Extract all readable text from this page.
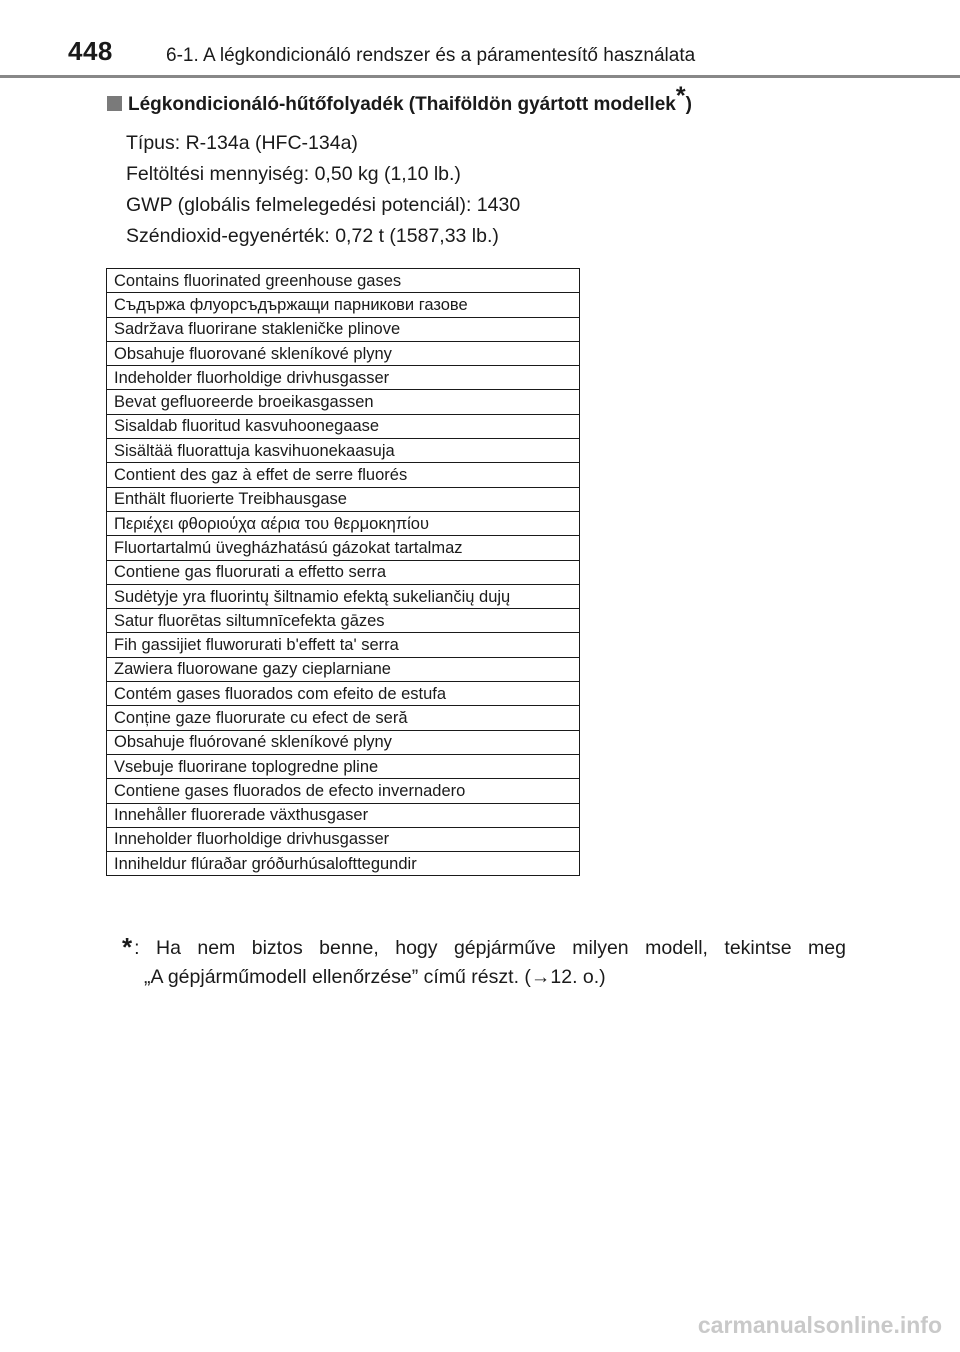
448	6-1. A légkondicionáló rendszer és a páramentesítő használata
Légkondicionáló-hűtőfolyadék (Thaiföldön gyártott modellek*)
Típus: R-134a (HFC-134a)
Feltöltési mennyiség: 0,50 kg (1,10 lb.)
GWP (globális felmelegedési potenciál): 1430
Széndioxid-egyenérték: 0,72 t (1587,33 lb.)
Contains fluorinated greenhouse gases
Съдържа флуорсъдържащи парникови газове
Sadržava fluorirane stakleničke plinove
Obsahuje fluorované skleníkové plyny
Indeholder fluorholdige drivhusgasser
Bevat gefluoreerde broeikasgassen
Sisaldab fluoritud kasvuhoonegaase
Sisältää fluorattuja kasvihuonekaasuja
Contient des gaz à effet de serre fluorés
Enthält fluorierte Treibhausgase
Περιέχει φθοριούχα αέρια του θερμοκηπίου
Fluortartalmú üvegházhatású gázokat tartalmaz
Contiene gas fluorurati a effetto serra
Sudėtyje yra fluorintų šiltnamio efektą sukeliančių dujų
Satur fluorētas siltumnīcefekta gāzes
Fih gassijiet fluworurati b'effett ta' serra
Zawiera fluorowane gazy cieplarniane
Contém gases fluorados com efeito de estufa
Conține gaze fluorurate cu efect de seră
Obsahuje fluórované skleníkové plyny
Vsebuje fluorirane toplogredne pline
Contiene gases fluorados de efecto invernadero
Innehåller fluorerade växthusgaser
Inneholder fluorholdige drivhusgasser
Inniheldur flúraðar gróðurhúsalofttegundir
* : Ha nem biztos benne, hogy gépjárműve milyen modell, tekintse meg
„A gépjárműmodell ellenőrzése” című részt. (→12. o.)
carmanualsonline.info
